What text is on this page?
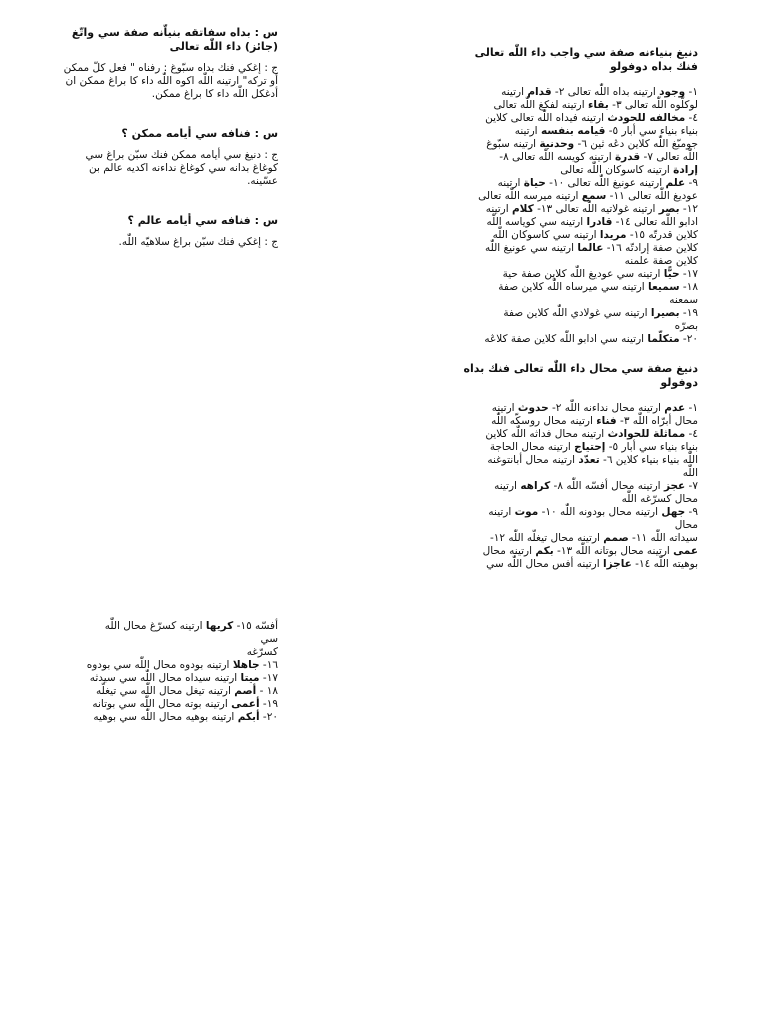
دنيغ بنياءنه صفة سي واجب داء اللّٰه تعالى فنك بداه دوفولو

١- وجود ارتينه بداه اللّٰه تعالى ٢- قدام ارتينه
لوكلّوه اللّٰه تعالى ٣- بقاء ارتينه لفكغ اللّٰه تعالى
٤- مخالفه للحودث ارتينه فيداه اللّٰه تعالى كلاين
بنياء بنياء سي أبار ٥- قيامه بنفسه ارتينه
جومبّغ اللّٰه كلاين دڠه ثين ٦- وحدنية ارتينه سبّوغ
اللّٰه تعالى ٧- قدرة ارتينه كويسه اللّٰه تعالى ٨-
إرادة ارتينه كاسوكان اللّٰه تعالى
٩- علم ارتينه عونيغ اللّٰه تعالى ١٠- حياة ارتينه
عوديغ اللّٰه تعالى ١١- سمع ارتينه ميرسه اللّٰه تعالى
١٢- بصر ارتينه غولاتيه اللّٰه تعالى ١٣- كلام ارتينه
ادابو اللّٰه تعالى ١٤- قادرا ارتينه سي كوياسه اللّٰه
كلاين قدرتّه ١٥- مريدا ارتينه سي كاسوكان اللّٰه
كلاين صفة إرادتّه ١٦- عالما ارتينه سي عونيغ اللّٰه
كلاين صفة علمنه
١٧- حيًّا ارتينه سي عوديغ اللّٰه كلاين صفة حية
١٨- سميعا ارتينه سي ميرساه اللّٰه كلاين صفة
سمعنه
١٩- بصيرا ارتينه سي غولادي اللّٰه كلاين صفة
بصرّه
٢٠- متكلّما ارتينه سي ادابو اللّٰه كلاين صفة كلاڠه

دنيغ صفة سي محال داء اللّٰه تعالى فنك بداه دوفولو

١- عدم ارتينه محال نداءنه اللّٰه ٢- حدوث ارتينه
محال أبرّاه اللّٰه ٣- فناء ارتينه محال روسكّه اللّٰه
٤- مماثلة للحوادث ارتينه محال فداثه اللّٰه كلاين
بنياء بنياء سي أبار ٥- إحتياج ارتينه محال الحاجة
اللّٰه بنياء بنياء كلاين ٦- تعدّد ارتينه محال أبانتوغنه
اللّٰه
٧- عجز ارتينه محال أفسّه اللّٰه ٨- كراهه ارتينه
محال كسرّغه اللّٰه
٩- جهل ارتينه محال بودونه اللّٰه ١٠- موت ارتينه محال
سيداته اللّٰه ١١- صمم ارتينه محال تيغلّه اللّٰه ١٢-
عمى ارتينه محال بوتانه اللّٰه ١٣- بكم ارتينه محال
بوهيته اللّٰه ١٤- عاجزا ارتينه أفس محال اللّٰه سي

س : بداه سفاتقه بنياّنه صفة سي واتّغ (جائز) داء اللّٰه تعالى

ج : إغكي فنك بداه سبّوغ : رفناه " فعل كلّ ممكن أو تركه" ارتينه اللّٰه اكوه اللّٰه داء كا براغ ممكن ان أدغكل اللّٰه داء كا براغ ممكن.

س : فنافه سي أيامه ممكن ؟

ج : دنيغ سي أيامه ممكن فنك سبّن براغ سي كوغاغ بدانه سي كوغاغ نداءنه اكديه عالم بن عسّينه.

س : فنافه سي أيامه عالم ؟

ج : إغكي فنك سبّن براغ سلاهيّه اللّٰه.

أفسّه ١٥- كريها ارتينه كسرّغ محال اللّٰه سي
كسرّغه
١٦- جاهلا ارتينه بودوه محال اللّٰه سي بودوه
١٧- ميتا ارتينه سيداه محال اللّٰه سي سيدثه
١٨ - أصم ارتينه تيغل محال اللّٰه سي تيغلّه
١٩- أعمى ارتينه بوته محال اللّٰه سي بوتانه
٢٠- أبكم ارتينه بوهيه محال اللّٰه سي بوهيه
